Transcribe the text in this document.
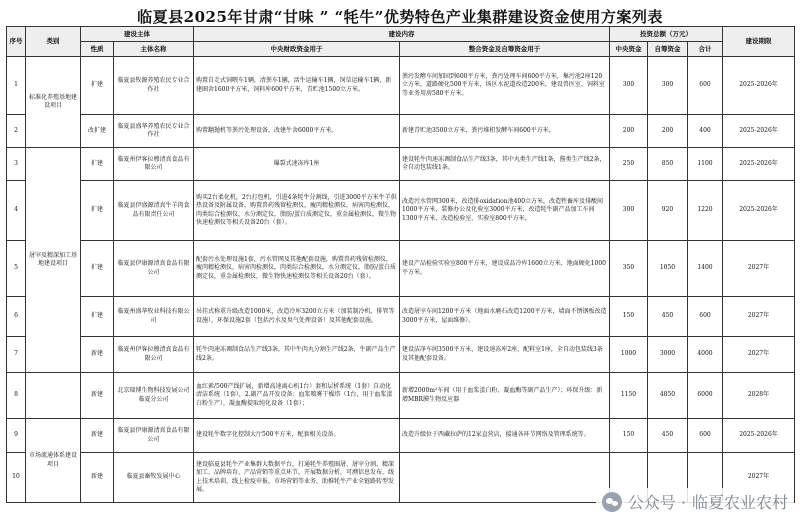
临夏县2025年甘肃“甘味 ” “牦牛”优势特色产业集群建设资金使用方案列表
序号	类别	建设主体		建设内容		投资总额（万元）			建设期限
		性质	主体名称	中央财政资金用于	整合资金及自筹资金用于	中央资金	自筹资金	合计	
1	标准化养殖基地建设项目	扩建	临夏县牧源养殖农民专业合作社	购置自走式饲喂车1辆，清粪车1辆，活牛运输车1辆，饲草运输车1辆，新建圈舍1600平方米，饲料库600平方米，青贮池1500立方米。	粪污发酵车间加固到600平方米，粪污处理车间600平方米，集污池2座120立方米，道路硬化500平方米，场区水泥道改造200米，建设兽医室、饲料室等业务用房580平方米。	300	300	600	2025-2026年
2		改扩建	临夏县盛华养殖农民专业合作社	购置翻抛机等粪污处理设备，改建牛舍6000平方米。	新建青贮池3500立方米，粪污堆积发酵车间600平方米。	200	200	400	2025-2026年
3	屠宰及精深加工基地建设项目	扩建	临夏州伊客拉穆清真食品有限公司	爆裂式速冻库1座	建设牦牛肉速冻调制食品生产线3条，其中丸类生产线1条，酱类生产线2条，全自动包装线1条。	250	850	1100	2025-2026年
4		扩建	临夏县伊盛源清真牛羊肉食品有限责任公司	购买2台柔化机，2台打包机，引进4条牦牛分割线，引进3000平方米牛羊供热设备及附属设备，购置兽药残留检测仪，瘦肉精检测仪，病害肉检测仪，肉类综合检测仪，水分测定仪，脂肪/蛋白质测定仪，重金属检测仪，微生物快速检测仪等相关设备20台（套）。	改造污水管网300米，改造排oxidation池400立方米，改造牲畜库及排酸间1000平方米，装修办公及化验室3000平方米，改造牦牛副产品加工车间1300平方米，改造检验室、实验室800平方米。	300	920	1220	2025-2026年
5		扩建	临夏县伊康源清真食品有限公司	配套污水处理设施1套，污水管网及其他配套设施，购置兽药残留检测仪，瘦肉精检测仪，病害肉检测仪，肉类综合检测仪，水分测定仪，脂肪/蛋白质测定仪，重金属检测仪，微生物快速检测仪等相关设备20台（套）。	建设产品检验实验室800平方米，建设成品冷库1600立方米，地面硬化1000平方米。	350	1050	1400	2027年
6		扩建	临夏州盛华牧业科技有限公司	吊挂式称重升级改造1000米，改造冷库3200立方米（加装制冷机、排管等设施），环保设施2套（包括污水及臭气处理设备）及其他配套设施。	改造屠宰车间1200平方米（地面水磨石改造1200平方米，墙面不锈钢板改造3000平方米，屋面维修）。	150	450	600	2027年
7		新建	临夏州伊客拉穆清真食品有限公司	牦牛肉速冻调制食品生产线3条，其中牛肉丸分割生产线2条，牛副产品生产线2条。	建设洁净车间3500平方米，建设速冻库2座，配料室1座，全自动包装线3条及其他配套设备。	1000	3000	4000	2027年
8		新建	北京瑞博生物科技发展公司临夏分公司	血红素/500产线扩展，新增高速离心机1台）套和层析系统（1套）自动化清洁系统（1套），2.副产品开发设备：血浆喷雾干燥塔（1台，用于血浆蛋白粉生产），凝血酶提取纯化设备（1套）；	新增2000m²车间（用于血浆蛋白粉、凝血酶等副产品生产）；环保升级：新增MBR膜生物反应器	1150	4850	6000	2028年
9	市场流通体系建设项目	新建	临夏县伊康源清真食品有限公司	建设牦牛数字化控制大厅500平方米，配套相关设备。	改造升级位于西藏拉萨的12家直营店，接通各环节网络及管理系统等。	150	450	600	2025-2026年
10		新建	临夏县畜牧发展中心	建设临夏县牦牛产业集群大数据平台，打通牦牛养殖圈屠、屠宰分割、精深加工、品牌培育、产品营销等重点环节，开展数据分析，可溯信息发布，线上技术培训，线上检疫申报，市场营销等业务，助推牦牛产业全链路转型发展。					2027年
公众号 · 临夏农业农村
